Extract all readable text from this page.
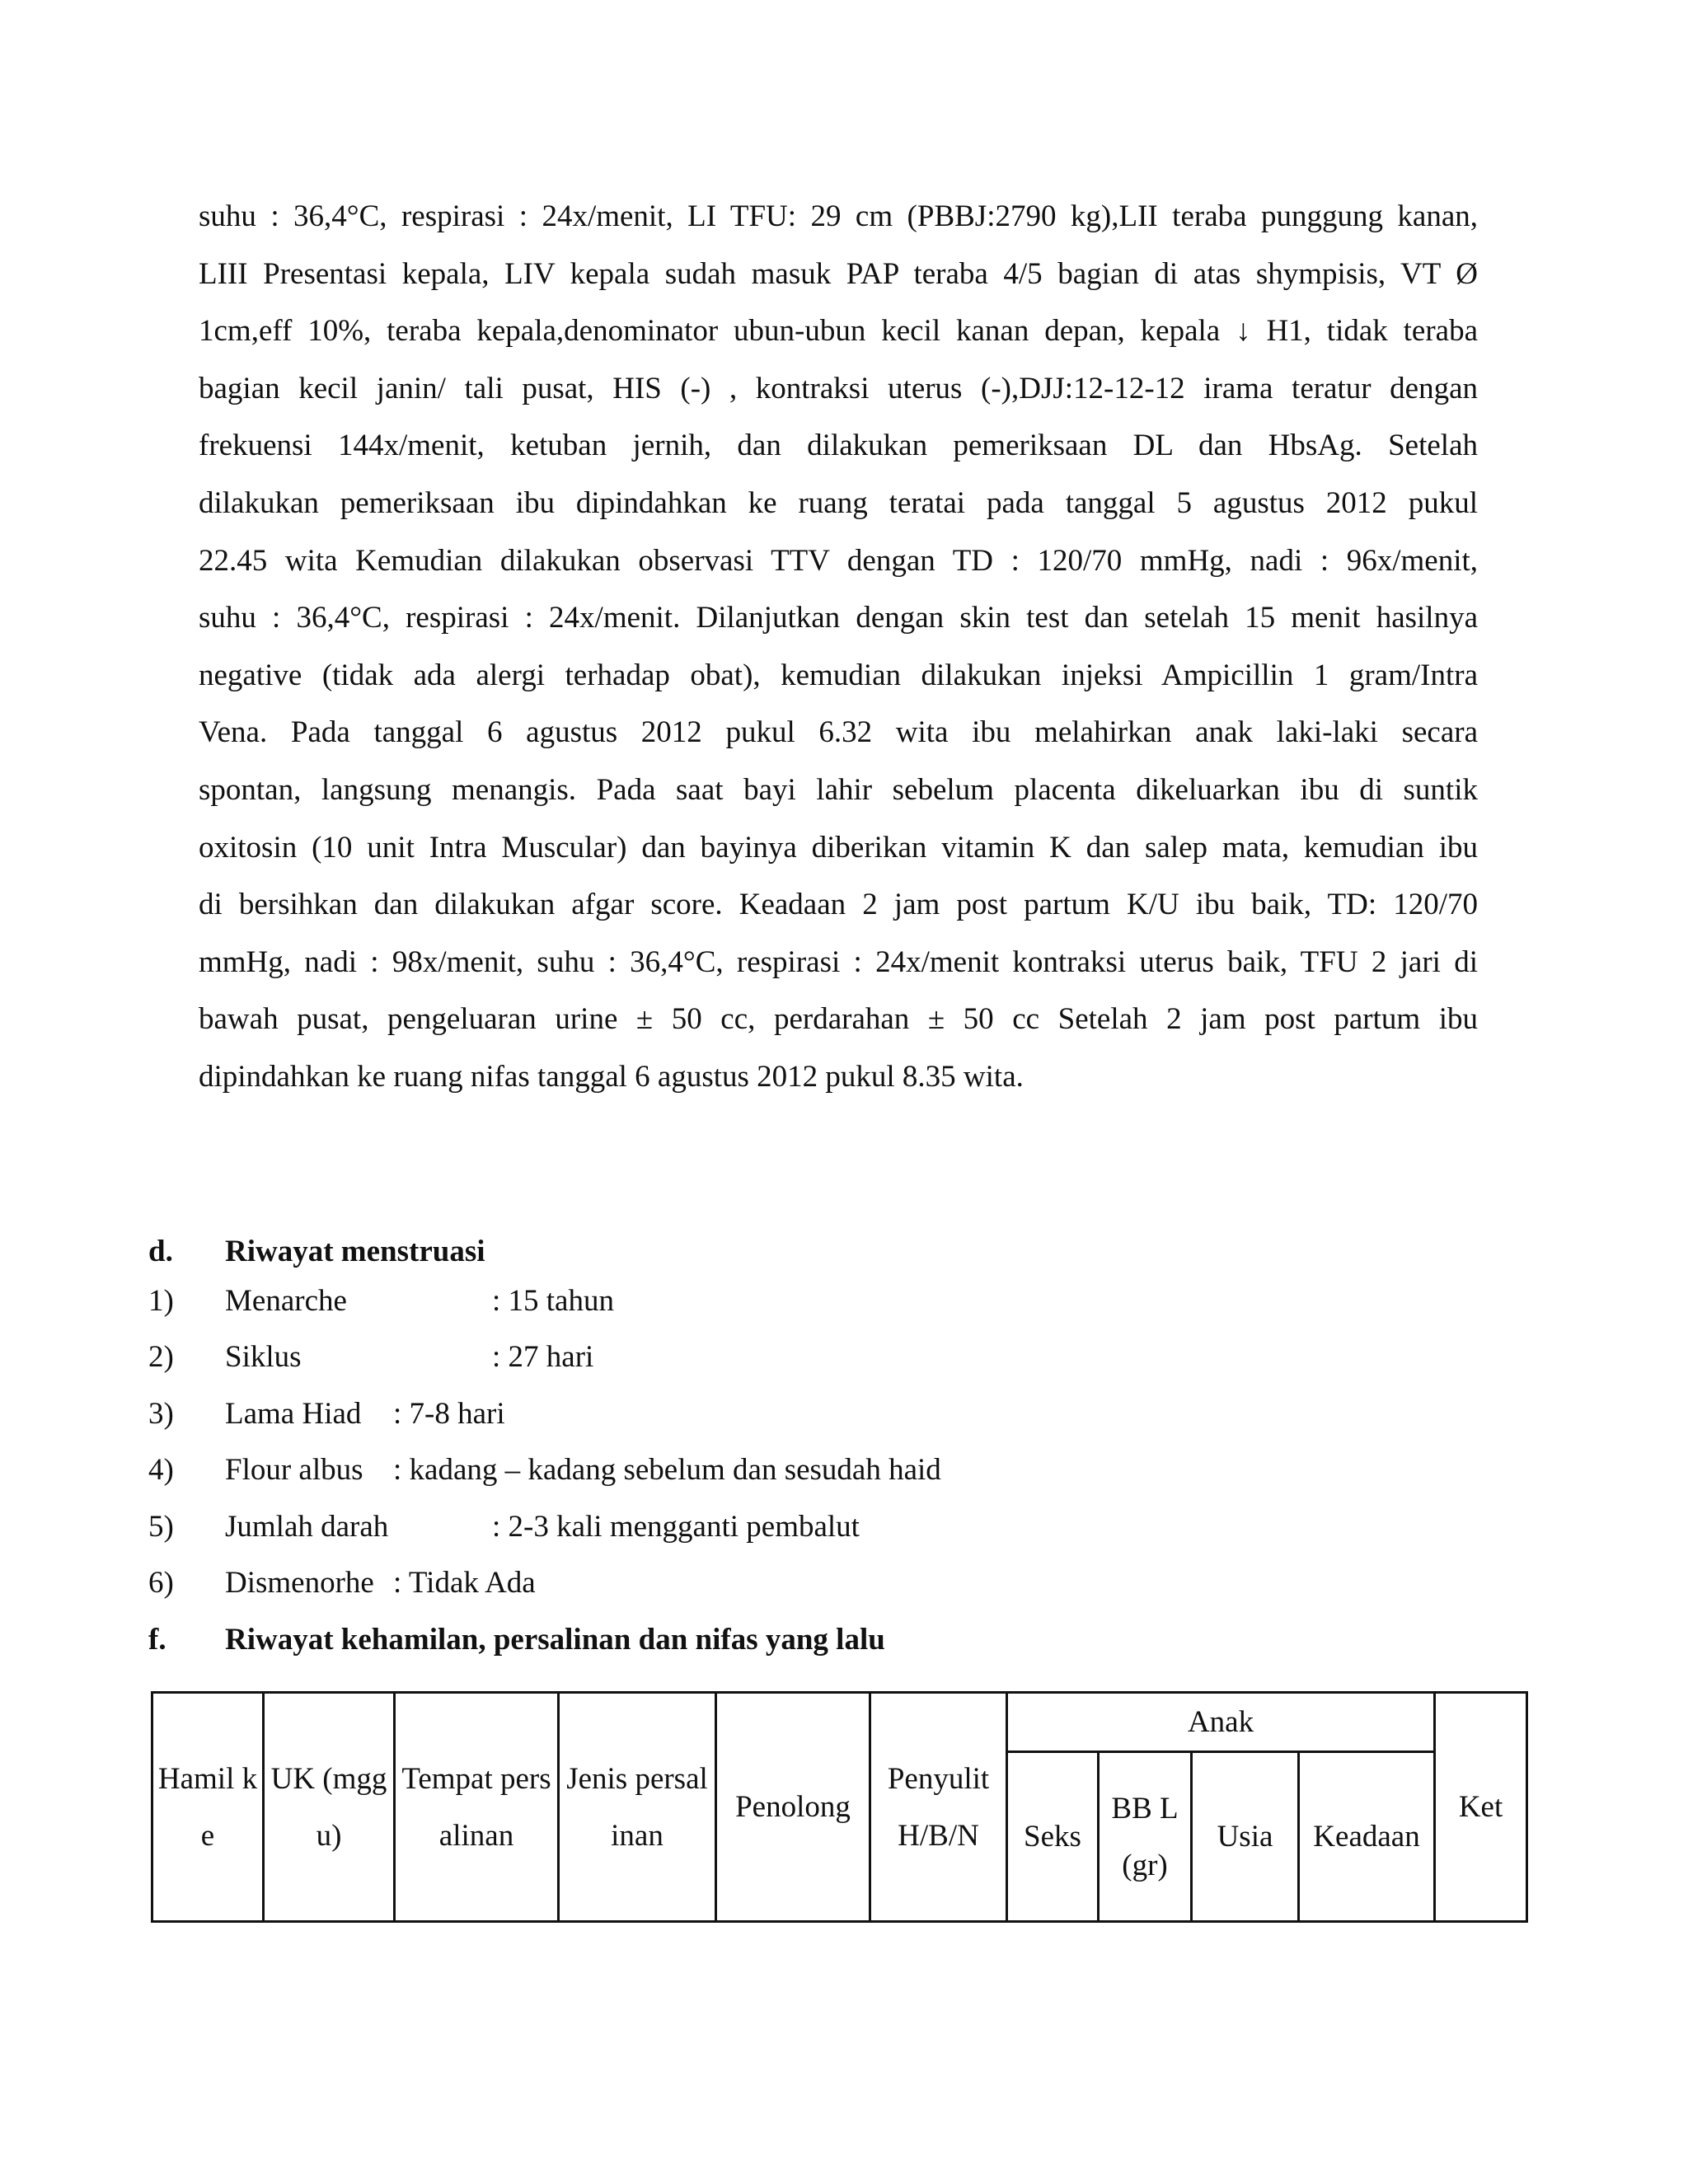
suhu : 36,4°C, respirasi : 24x/menit, LI TFU: 29 cm (PBBJ:2790 kg),LII teraba punggung kanan,
LIII Presentasi kepala, LIV kepala sudah masuk PAP teraba 4/5 bagian di atas shympisis, VT Ø
1cm,eff 10%, teraba kepala,denominator ubun-ubun kecil kanan depan, kepala ↓ H1, tidak teraba
bagian kecil janin/ tali pusat, HIS (-) , kontraksi uterus (-),DJJ:12-12-12 irama teratur dengan
frekuensi 144x/menit, ketuban jernih, dan dilakukan pemeriksaan DL dan HbsAg. Setelah
dilakukan pemeriksaan ibu dipindahkan ke ruang teratai pada tanggal 5 agustus 2012 pukul
22.45 wita Kemudian dilakukan observasi TTV dengan TD : 120/70 mmHg, nadi : 96x/menit,
suhu : 36,4°C, respirasi : 24x/menit. Dilanjutkan dengan skin test dan setelah 15 menit hasilnya
negative (tidak ada alergi terhadap obat), kemudian dilakukan injeksi Ampicillin 1 gram/Intra
Vena. Pada tanggal 6 agustus 2012 pukul 6.32 wita ibu melahirkan anak laki-laki secara
spontan, langsung menangis. Pada saat bayi lahir sebelum placenta dikeluarkan ibu di suntik
oxitosin (10 unit Intra Muscular) dan bayinya diberikan vitamin K dan salep mata, kemudian ibu
di bersihkan dan dilakukan afgar score. Keadaan 2 jam post partum K/U ibu baik, TD: 120/70
mmHg, nadi : 98x/menit, suhu : 36,4°C, respirasi : 24x/menit kontraksi uterus baik, TFU 2 jari di
bawah pusat, pengeluaran urine ± 50 cc, perdarahan ± 50 cc Setelah 2 jam post partum ibu
dipindahkan ke ruang nifas tanggal 6 agustus 2012 pukul 8.35 wita.
d. Riwayat menstruasi
1) Menarche	: 15 tahun
2) Siklus	: 27 hari
3) Lama Hiad : 7-8 hari
4) Flour albus : kadang – kadang sebelum dan sesudah haid
5) Jumlah darah	: 2-3 kali mengganti pembalut
6) Dismenorhe : Tidak Ada
f. Riwayat kehamilan, persalinan dan nifas yang lalu
Hamil ke	UK (mggu)	Tempat persalinan	Jenis persalinan	Penolong	Penyulit H/B/N	Anak				Ket
						Seks	BB L (gr)	Usia	Keadaan	
